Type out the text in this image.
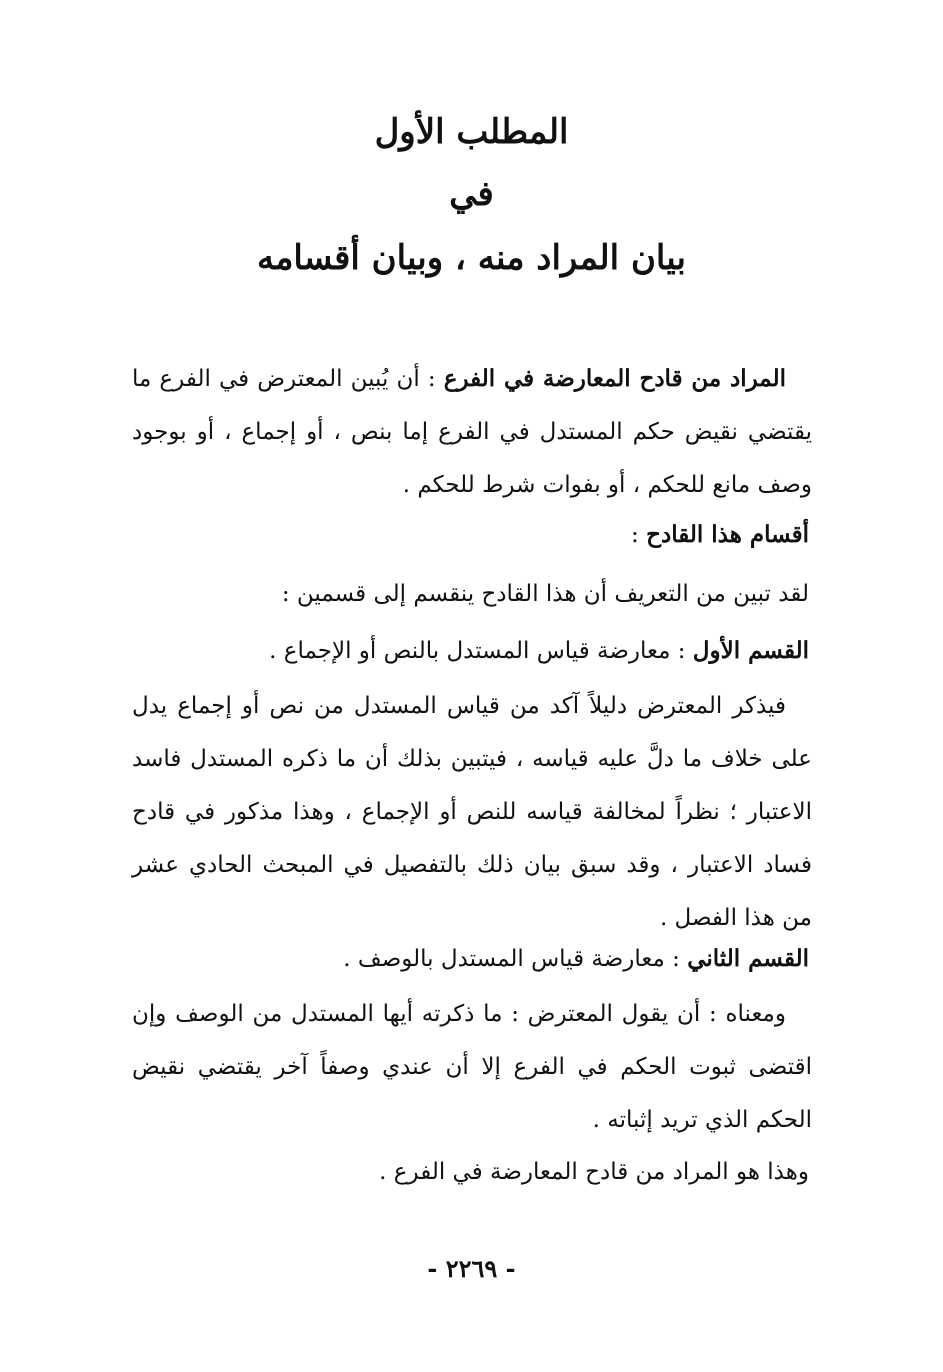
المطلب الأول
في
بيان المراد منه ، وبيان أقسامه

المراد من قادح المعارضة في الفرع : أن يُبين المعترض في الفرع ما يقتضي نقيض حكم المستدل في الفرع إما بنص ، أو إجماع ، أو بوجود وصف مانع للحكم ، أو بفوات شرط للحكم .

أقسام هذا القادح :

لقد تبين من التعريف أن هذا القادح ينقسم إلى قسمين :

القسم الأول : معارضة قياس المستدل بالنص أو الإجماع .

فيذكر المعترض دليلاً آكد من قياس المستدل من نص أو إجماع يدل على خلاف ما دلَّ عليه قياسه ، فيتبين بذلك أن ما ذكره المستدل فاسد الاعتبار ؛ نظراً لمخالفة قياسه للنص أو الإجماع ، وهذا مذكور في قادح فساد الاعتبار ، وقد سبق بيان ذلك بالتفصيل في المبحث الحادي عشر من هذا الفصل .

القسم الثاني : معارضة قياس المستدل بالوصف .

ومعناه : أن يقول المعترض : ما ذكرته أيها المستدل من الوصف وإن اقتضى ثبوت الحكم في الفرع إلا أن عندي وصفاً آخر يقتضي نقيض الحكم الذي تريد إثباته .

وهذا هو المراد من قادح المعارضة في الفرع .

- ٢٢٦٩ -
